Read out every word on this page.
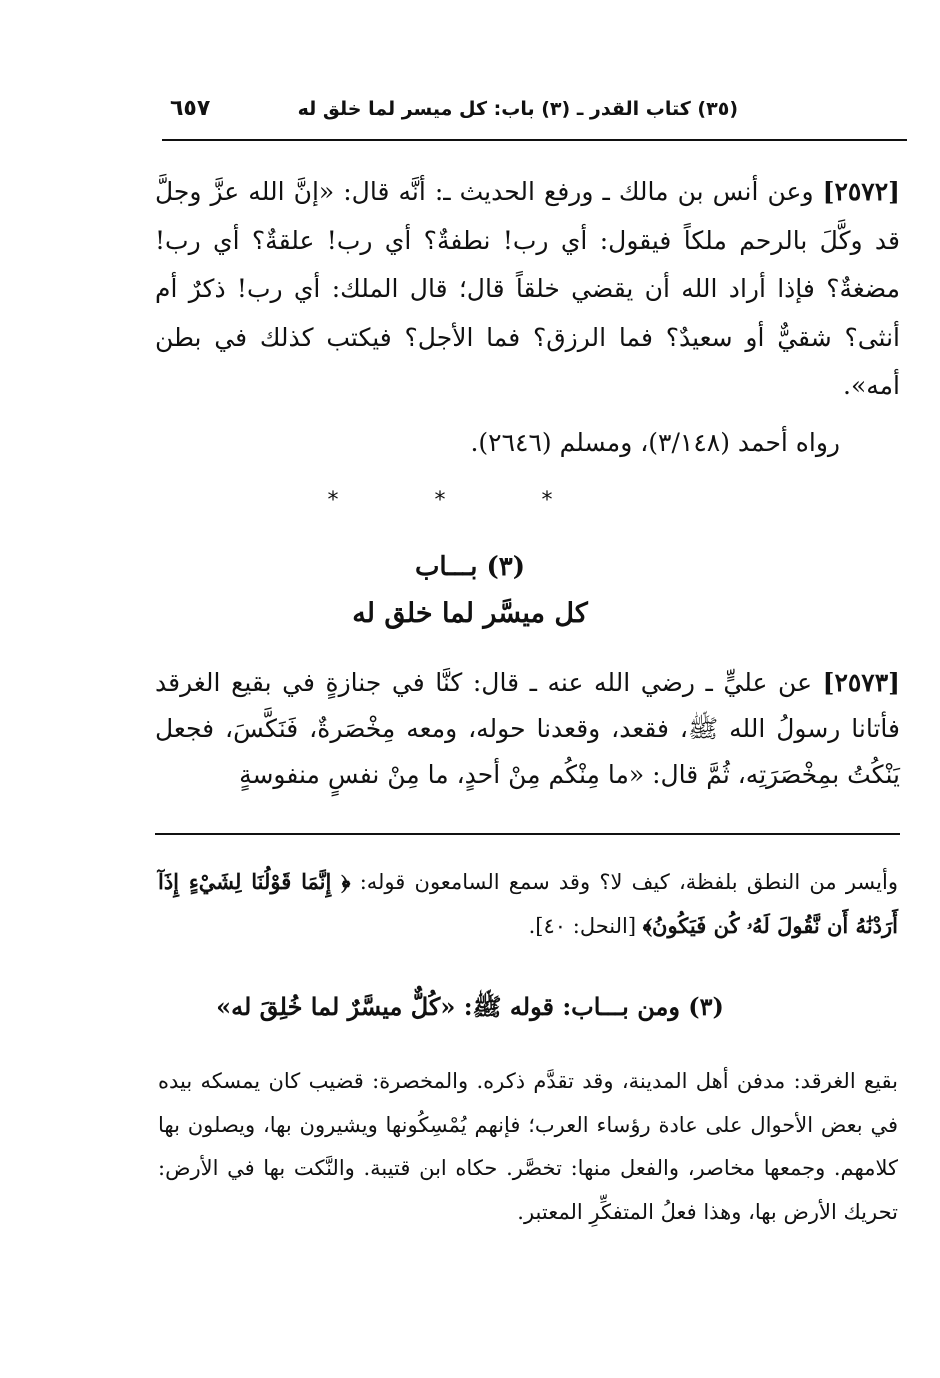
(٣٥) كتاب القدر ـ (٣) باب: كل ميسر لما خلق له
٦٥٧

[٢٥٧٢] وعن أنس بن مالك ـ ورفع الحديث ـ: أنَّه قال: «إنَّ الله عزَّ وجلَّ قد وكَّلَ بالرحم ملكاً فيقول: أي رب! نطفةٌ؟ أي رب! علقةٌ؟ أي رب! مضغةٌ؟ فإذا أراد الله أن يقضي خلقاً قال؛ قال الملك: أي رب! ذكرٌ أم أنثى؟ شقيٌّ أو سعيدٌ؟ فما الرزق؟ فما الأجل؟ فيكتب كذلك في بطن أمه».

رواه أحمد (٣/١٤٨)، ومسلم (٢٦٤٦).
* * *
(٣) بـــاب
كل ميسَّر لما خلق له

[٢٥٧٣] عن عليٍّ ـ رضي الله عنه ـ قال: كنَّا في جنازةٍ في بقيع الغرقد فأتانا رسولُ الله ﷺ، فقعد، وقعدنا حوله، ومعه مِخْصَرةٌ، فَنَكَّسَ، فجعل يَنْكُتُ بمِخْصَرَتِه، ثُمَّ قال: «ما مِنْكُم مِنْ أحدٍ، ما مِنْ نفسٍ منفوسةٍ

وأيسر من النطق بلفظة، كيف لا؟ وقد سمع السامعون قوله: ﴿ إِنَّمَا قَوْلُنَا لِشَيْءٍ إِذَآ أَرَدْنَٰهُ أَن نَّقُولَ لَهُۥ كُن فَيَكُونُ﴾ [النحل: ٤٠].
(٣) ومن بـــاب: قوله ﷺ: «كُلٌّ ميسَّرٌ لما خُلِقَ له»
بقيع الغرقد: مدفن أهل المدينة، وقد تقدَّم ذكره. والمخصرة: قضيب كان يمسكه بيده في بعض الأحوال على عادة رؤساء العرب؛ فإنهم يُمْسِكُونها ويشيرون بها، ويصلون بها كلامهم. وجمعها مخاصر، والفعل منها: تخصَّر. حكاه ابن قتيبة. والنَّكت بها في الأرض: تحريك الأرض بها، وهذا فعلُ المتفكِّرِ المعتبر.
